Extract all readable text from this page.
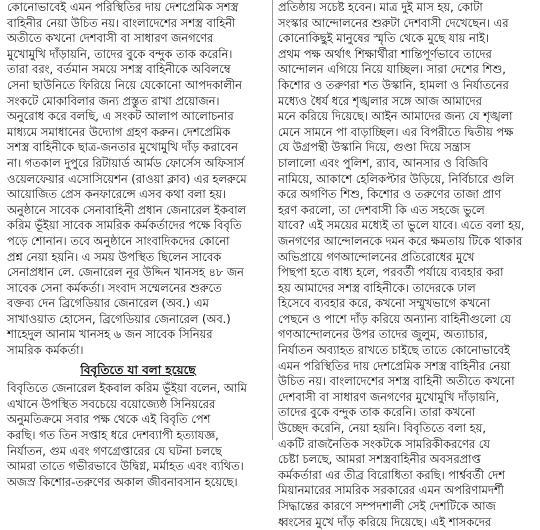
কোনোভাবেই এমন পরিস্থিতির দায় দেশপ্রেমিক সশস্ত্র
বাহিনীর নেয়া উচিত নয়। বাংলাদেশের সশস্ত্র বাহিনী
অতীতে কখনো দেশবাসী বা সাধারণ জনগণের
মুখোমুখি দাঁড়ায়নি, তাদের বুকে বন্দুক তাক করেনি।
তারা বরং, বর্তমান সময়ে সশস্ত্র বাহিনীকে অবিলম্বে
সেনা ছাউনিতে ফিরিয়ে নিয়ে যেকোনো আপদকালীন
সংকটে মোকাবিলার জন্য প্রস্তুত রাখা প্রয়োজন।
অনুরোধ করে বলছি, এ সংকট আলাপ আলোচনার
মাধ্যমে সমাধানের উদ্যোগ গ্রহণ করুন। দেশপ্রেমিক
সশস্ত্র বাহিনীকে ছাত্র-জনতার মুখোমুখি দাঁড় করাবেন
না। গতকাল দুপুরে রিটায়ার্ড আর্মড ফোর্সেস অফিসার্স
ওয়েলফেয়ার এসোসিয়েশন (রাওয়া ক্লাব) এর হলরুমে
আয়োজিত প্রেস কনফারেন্সে এসব কথা বলা হয়।
অনুষ্ঠানে সাবেক সেনাবাহিনী প্রধান জেনারেল ইকবাল
করিম ভূঁইয়া সাবেক সামরিক কর্মকর্তাদের পক্ষে বিবৃতি
পড়ে শোনান। তবে অনুষ্ঠানে সাংবাদিকদের কোনো
প্রশ্ন নেয়া হয়নি। এ সময় উপস্থিত ছিলেন সাবেক
সেনাপ্রধান লে. জেনারেল নূর উদ্দিন খানসহ ৪৮ জন
সাবেক সেনা কর্মকর্তা। সংবাদ সম্মেলনের শুরুতে
বক্তব্য দেন ব্রিগেডিয়ার জেনারেল (অব.) এম
সাখাওয়াত হোসেন, ব্রিগেডিয়ার জেনারেল (অব.)
শাহেদুল আনাম খানসহ ৬ জন সাবেক সিনিয়র
সামরিক কর্মকর্তা।
বিবৃতিতে যা বলা হয়েছে
বিবৃতিতে জেনারেল ইকবাল করিম ভূঁইয়া বলেন, আমি
এখানে উপস্থিত সবচেয়ে বয়োজ্যেষ্ঠ সিনিয়রের
অনুমতিক্রমে সবার পক্ষ থেকে এই বিবৃতি পেশ
করছি। গত তিন সপ্তাহ ধরে দেশব্যাপী হত্যাযজ্ঞ,
নির্যাতন, গুম এবং গণগ্রেপ্তারের যে ঘটনা চলছে
আমরা তাতে গভীরভাবে উদ্বিগ্ন, মর্মাহত এবং ব্যথিত।
অজস্র কিশোর-তরুণের অকাল জীবনাবসান হয়েছে।
প্রতিষ্ঠায় সচেষ্ট হবেন। মাত্র দুই মাস হয়, কোটা
সংস্কার আন্দোলনের শুরুটা দেশবাসী দেখেছেন। এর
কোনোকিছুই মানুষের স্মৃতি থেকে মুছে যায় নাই।
প্রথম পক্ষ অর্থাৎ শিক্ষার্থীরা শান্তিপূর্ণভাবে তাদের
আন্দোলন এগিয়ে নিয়ে যাচ্ছিল। সারা দেশের শিশু,
কিশোর ও তরুণরা শত উস্কানি, হামলা ও নির্যাতনের
মধ্যেও ধৈর্য ধরে শৃঙ্খলার সঙ্গে আজ আমাদের
মনে করিয়ে দিয়েছে। আইন আমাদের জন্য যে শৃঙ্খলা
মেনে সামনে পা বাড়াচ্ছিল। এর বিপরীতে দ্বিতীয় পক্ষ
যে উগ্রপন্থী উস্কানি দিয়ে, গুণ্ডা দিয়ে সন্ত্রাস
চালালো এবং পুলিশ, র‍্যাব, আনসার ও বিজিবি
নামিয়ে, আকাশে হেলিকপ্টার উড়িয়ে, নির্বিচারে গুলি
করে অগণিত শিশু, কিশোর ও তরুণের তাজা প্রাণ
হরণ করলো, তা দেশবাসী কি এত সহজে ভুলে
যাবে? এই সময়ের মধ্যেই তা ভুলে যাবে। এতে বলা হয়,
জনগণের আন্দোলনকে দমন করে ক্ষমতায় টিকে থাকার
অভিপ্রায়ে গণআন্দোলনের প্রতিরোধের মুখে
পিছপা হতে বাধ্য হলে, পরবর্তী পর্যায়ে ব্যবহার করা
হয় আমাদের সশস্ত্র বাহিনীকে। তাদেরকে ঢাল
হিসেবে ব্যবহার করে, কখনো সম্মুখভাগে কখনো
পেছনে ও পাশে দাঁড় করিয়ে অন্যান্য বাহিনীগুলো যে
গণআন্দোলনের উপর তাদের জুলুম, অত্যাচার,
নির্যাতন অব্যাহত রাখতে চাইছে তাতে কোনোভাবেই
এমন পরিস্থিতির দায় দেশপ্রেমিক সশস্ত্র বাহিনীর নেয়া
উচিত নয়। বাংলাদেশের সশস্ত্র বাহিনী অতীতে কখনো
দেশবাসী বা সাধারণ জনগণের মুখোমুখি দাঁড়ায়নি,
তাদের বুকে বন্দুক তাক করেনি। তারা কখনো
উচ্ছেদ করেনি, নেয়া হয়নি। বিবৃতিতে বলা হয়,
একটি রাজনৈতিক সংকটকে সামরিকীকরণের যে
চেষ্টা চলছে, আমরা সশস্ত্রবাহিনীর অবসরপ্রাপ্ত
কর্মকর্তারা এর তীব্র বিরোধিতা করছি। পার্শ্ববর্তী দেশ
মিয়ানমারের সামরিক সরকারের এমন অপরিণামদর্শী
সিদ্ধান্তের কারণে সম্পদশালী সেই দেশটিকে আজ
ধ্বংসের মুখে দাঁড় করিয়ে দিয়েছে। এই শাসকদের
